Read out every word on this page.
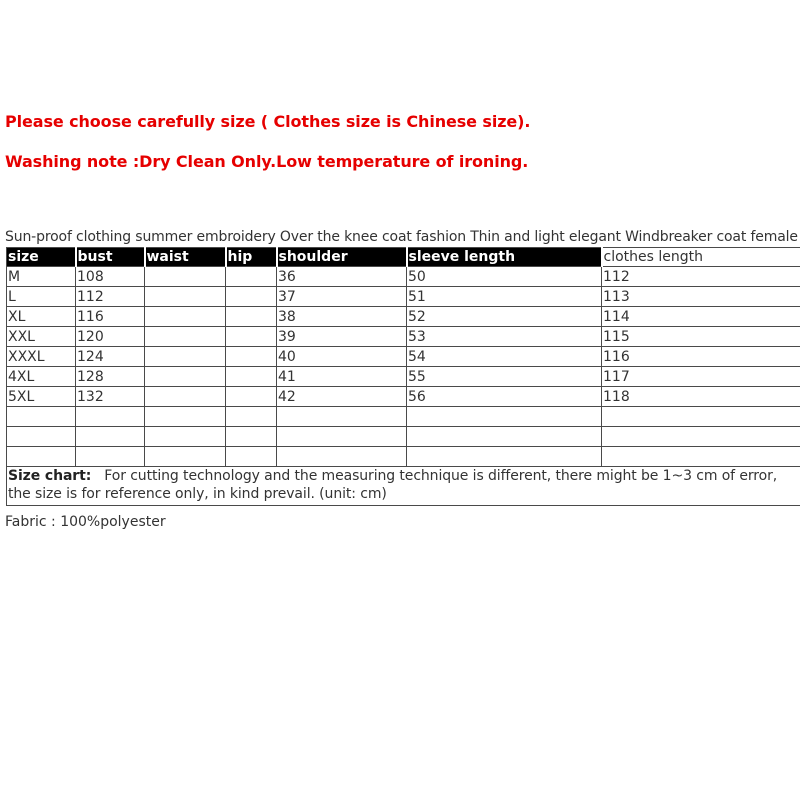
Please choose carefully size ( Clothes size is Chinese size).
Washing note :Dry Clean Only.Low temperature of ironing.
Sun-proof clothing summer embroidery Over the knee coat fashion Thin and light elegant Windbreaker coat female
size	bust	waist	hip	shoulder	sleeve length	clothes length
M	108			36	50	112
L	112			37	51	113
XL	116			38	52	114
XXL	120			39	53	115
XXXL	124			40	54	116
4XL	128			41	55	117
5XL	132			42	56	118

Size chart: For cutting technology and the measuring technique is different, there might be 1~3 cm of error, the size is for reference only, in kind prevail. (unit: cm)						
Fabric : 100%polyester
